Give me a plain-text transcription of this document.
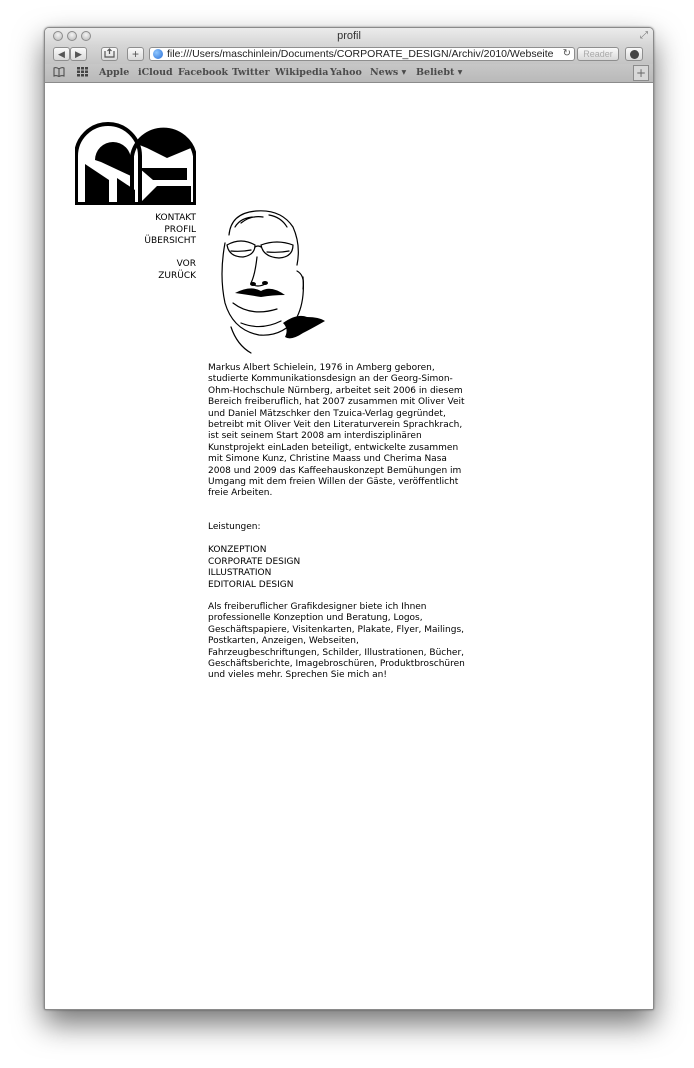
profil	⤢
◀	▶	+	file:///Users/maschinlein/Documents/CORPORATE_DESIGN/Archiv/2010/Webseite ↻	Reader
Apple iCloud Facebook Twitter Wikipedia Yahoo News ▾ Beliebt ▾	+
KONTAKT
PROFIL
ÜBERSICHT
VOR
ZURÜCK

Markus Albert Schielein, 1976 in Amberg geboren, studierte Kommunikationsdesign an der Georg-Simon-Ohm-Hochschule Nürnberg, arbeitet seit 2006 in diesem Bereich freiberuflich, hat 2007 zusammen mit Oliver Veit und Daniel Mätzschker den Tzuica-Verlag gegründet, betreibt mit Oliver Veit den Literaturverein Sprachkrach, ist seit seinem Start 2008 am interdisziplinären Kunstprojekt einLaden beteiligt, entwickelte zusammen mit Simone Kunz, Christine Maass und Cherima Nasa 2008 und 2009 das Kaffeehauskonzept Bemühungen im Umgang mit dem freien Willen der Gäste, veröffentlicht freie Arbeiten.

Leistungen:

KONZEPTION

CORPORATE DESIGN

ILLUSTRATION

EDITORIAL DESIGN

Als freiberuflicher Grafikdesigner biete ich Ihnen professionelle Konzeption und Beratung, Logos, Geschäftspapiere, Visitenkarten, Plakate, Flyer, Mailings, Postkarten, Anzeigen, Webseiten, Fahrzeugbeschriftungen, Schilder, Illustrationen, Bücher, Geschäftsberichte, Imagebroschüren, Produktbroschüren und vieles mehr. Sprechen Sie mich an!
